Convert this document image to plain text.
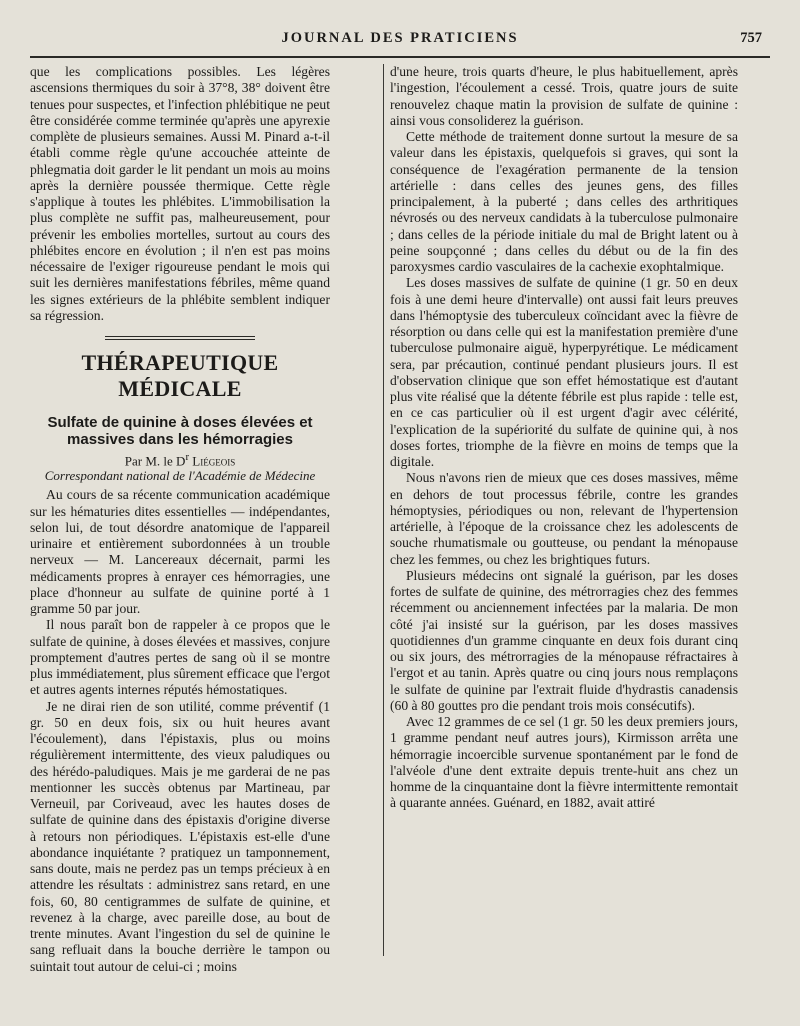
JOURNAL DES PRATICIENS	757

que les complications possibles. Les légères ascensions thermiques du soir à 37°8, 38° doivent être tenues pour suspectes, et l'infection phlébitique ne peut être considérée comme terminée qu'après une apyrexie complète de plusieurs semaines. Aussi M. Pinard a-t-il établi comme règle qu'une accouchée atteinte de phlegmatia doit garder le lit pendant un mois au moins après la dernière poussée thermique. Cette règle s'applique à toutes les phlébites. L'immobilisation la plus complète ne suffit pas, malheureusement, pour prévenir les embolies mortelles, surtout au cours des phlébites encore en évolution ; il n'en est pas moins nécessaire de l'exiger rigoureuse pendant le mois qui suit les dernières manifestations fébriles, même quand les signes extérieurs de la phlébite semblent indiquer sa régression.

THÉRAPEUTIQUE MÉDICALE
Sulfate de quinine à doses élevées et massives dans les hémorragies
Par M. le $D^r$ Liégeois
Correspondant national de l'Académie de Médecine

Au cours de sa récente communication académique sur les hématuries dites essentielles — indépendantes, selon lui, de tout désordre anatomique de l'appareil urinaire et entièrement subordonnées à un trouble nerveux — M. Lancereaux décernait, parmi les médicaments propres à enrayer ces hémorragies, une place d'honneur au sulfate de quinine porté à 1 gramme 50 par jour.

Il nous paraît bon de rappeler à ce propos que le sulfate de quinine, à doses élevées et massives, conjure promptement d'autres pertes de sang où il se montre plus immédiatement, plus sûrement efficace que l'ergot et autres agents internes réputés hémostatiques.

Je ne dirai rien de son utilité, comme préventif (1 gr. 50 en deux fois, six ou huit heures avant l'écoulement), dans l'épistaxis, plus ou moins régulièrement intermittente, des vieux paludiques ou des hérédo-paludiques. Mais je me garderai de ne pas mentionner les succès obtenus par Martineau, par Verneuil, par Coriveaud, avec les hautes doses de sulfate de quinine dans des épistaxis d'origine diverse à retours non périodiques. L'épistaxis est-elle d'une abondance inquiétante ? pratiquez un tamponnement, sans doute, mais ne perdez pas un temps précieux à en attendre les résultats : administrez sans retard, en une fois, 60, 80 centigrammes de sulfate de quinine, et revenez à la charge, avec pareille dose, au bout de trente minutes. Avant l'ingestion du sel de quinine le sang refluait dans la bouche derrière le tampon ou suintait tout autour de celui-ci ; moins

d'une heure, trois quarts d'heure, le plus habituellement, après l'ingestion, l'écoulement a cessé. Trois, quatre jours de suite renouvelez chaque matin la provision de sulfate de quinine : ainsi vous consoliderez la guérison.

Cette méthode de traitement donne surtout la mesure de sa valeur dans les épistaxis, quelquefois si graves, qui sont la conséquence de l'exagération permanente de la tension artérielle : dans celles des jeunes gens, des filles principalement, à la puberté ; dans celles des arthritiques névrosés ou des nerveux candidats à la tuberculose pulmonaire ; dans celles de la période initiale du mal de Bright latent ou à peine soupçonné ; dans celles du début ou de la fin des paroxysmes cardio vasculaires de la cachexie exophtalmique.

Les doses massives de sulfate de quinine (1 gr. 50 en deux fois à une demi heure d'intervalle) ont aussi fait leurs preuves dans l'hémoptysie des tuberculeux coïncidant avec la fièvre de résorption ou dans celle qui est la manifestation première d'une tuberculose pulmonaire aiguë, hyperpyrétique. Le médicament sera, par précaution, continué pendant plusieurs jours. Il est d'observation clinique que son effet hémostatique est d'autant plus vite réalisé que la détente fébrile est plus rapide : telle est, en ce cas particulier où il est urgent d'agir avec célérité, l'explication de la supériorité du sulfate de quinine qui, à nos doses fortes, triomphe de la fièvre en moins de temps que la digitale.

Nous n'avons rien de mieux que ces doses massives, même en dehors de tout processus fébrile, contre les grandes hémoptysies, périodiques ou non, relevant de l'hypertension artérielle, à l'époque de la croissance chez les adolescents de souche rhumatismale ou goutteuse, ou pendant la ménopause chez les femmes, ou chez les brightiques futurs.

Plusieurs médecins ont signalé la guérison, par les doses fortes de sulfate de quinine, des métrorragies chez des femmes récemment ou anciennement infectées par la malaria. De mon côté j'ai insisté sur la guérison, par les doses massives quotidiennes d'un gramme cinquante en deux fois durant cinq ou six jours, des métrorragies de la ménopause réfractaires à l'ergot et au tanin. Après quatre ou cinq jours nous remplaçons le sulfate de quinine par l'extrait fluide d'hydrastis canadensis (60 à 80 gouttes pro die pendant trois mois consécutifs).

Avec 12 grammes de ce sel (1 gr. 50 les deux premiers jours, 1 gramme pendant neuf autres jours), Kirmisson arrêta une hémorragie incoercible survenue spontanément par le fond de l'alvéole d'une dent extraite depuis trente-huit ans chez un homme de la cinquantaine dont la fièvre intermittente remontait à quarante années. Guénard, en 1882, avait attiré
